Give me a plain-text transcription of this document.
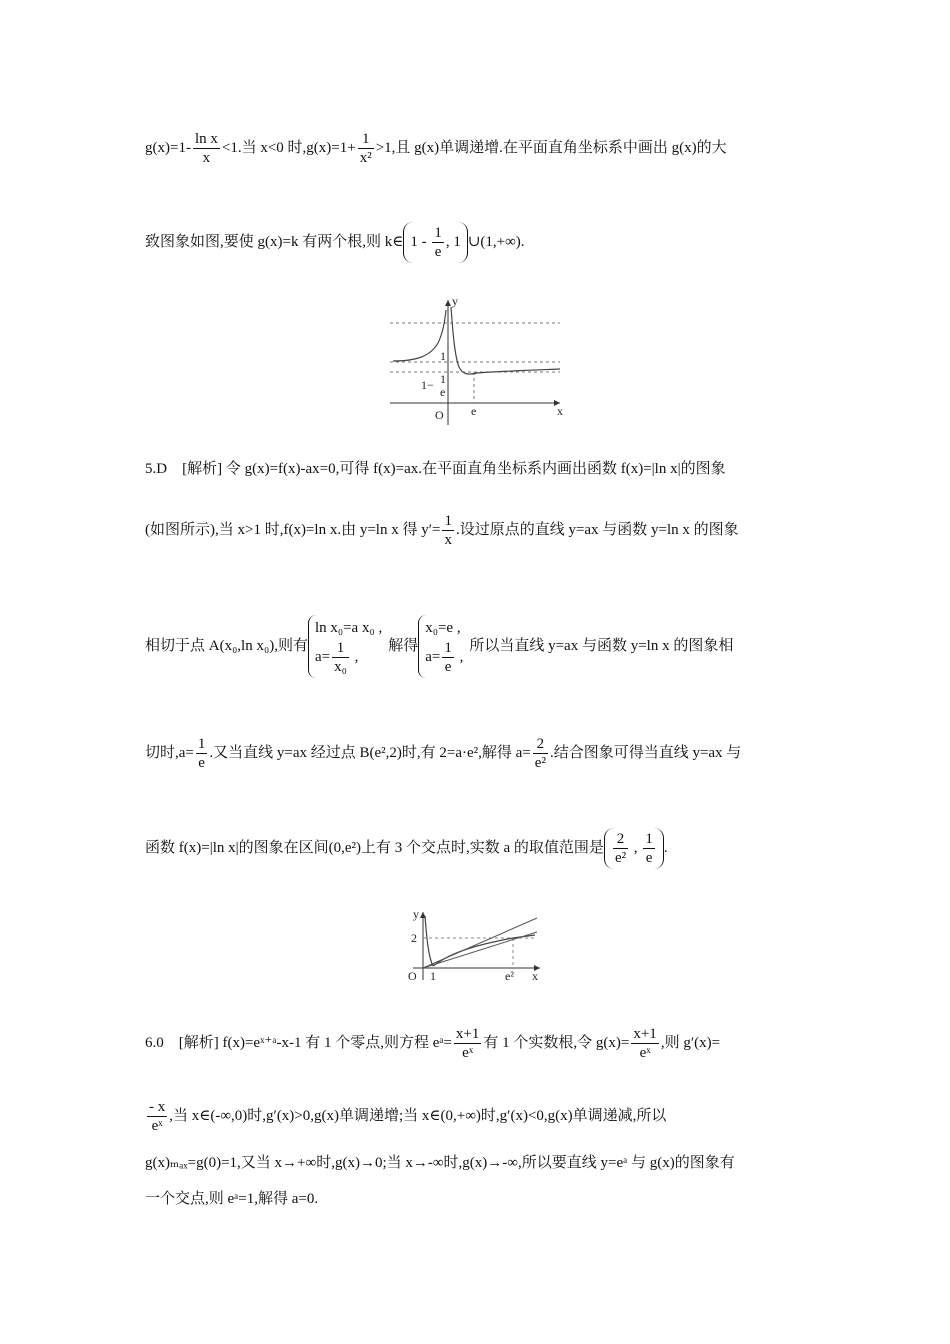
$g(x)=1- \frac{\text{ln x}}{x} <1$.当 x<0 时$,g(x)=1+ \frac{1}{\text{x²}} >1$,且 g(x)单调递增.在平面直角坐标系中画出 g(x)的大
致图象如图,要使 g(x)=k 有两个根,则 k∈ $1 - \frac{1}{e}$ , 1 ∪(1,+∞).
y
x
O
1
1− 1
e
e
5.D　[解析] 令 g(x)=f(x)-ax=0,可得 f(x)=ax.在平面直角坐标系内画出函数 f(x)=|ln x|的图象
(如图所示),当 x>1 时,f(x)=ln x.由 y=ln x 得 $y'= \frac{1}{x}$ .设过原点的直线 y=ax 与函数 y=ln x 的图象
相切于点 A(x₀,ln x₀),则有ln x₀=a x₀ ,
$a= \frac{1}{\text{x₀}}$ ,解得x₀=e ,
$a= \frac{1}{e}$ ,所以当直线 y=ax 与函数 y=ln x 的图象相
切时$,a= \frac{1}{e}$ .又当直线 y=ax 经过点 B(e²,2)时,有 2=a·e²,解得 $a= \frac{2}{\text{e²}}$ .结合图象可得当直线 y=ax 与
函数 f(x)=|ln x|的图象在区间(0,e²)上有 3 个交点时,实数 a 的取值范围是 $\frac{2}{\text{e²}}$ , $\frac{1}{e}$ .
y
x
O
2
1	e²
6.0　[解析] f(x)=eˣ⁺ᵃ-x-1 有 1 个零点,则方程 eᵃ= $\frac{x+1}{\text{eˣ}}$ 有 1 个实数根,令 $g(x)= \frac{x+1}{\text{eˣ}}$ ,则 g′(x)=
$\frac{- x}{\text{eˣ}}$ ,当 x∈(-∞,0)时,g′(x)>0,g(x)单调递增;当 x∈(0,+∞)时,g′(x)<0,g(x)单调递减,所以
g(x)ₘₐₓ=g(0)=1,又当 x→+∞时,g(x)→0;当 x→-∞时,g(x)→-∞,所以要直线 y=eᵃ 与 g(x)的图象有
一个交点,则 eᵃ=1,解得 a=0.
